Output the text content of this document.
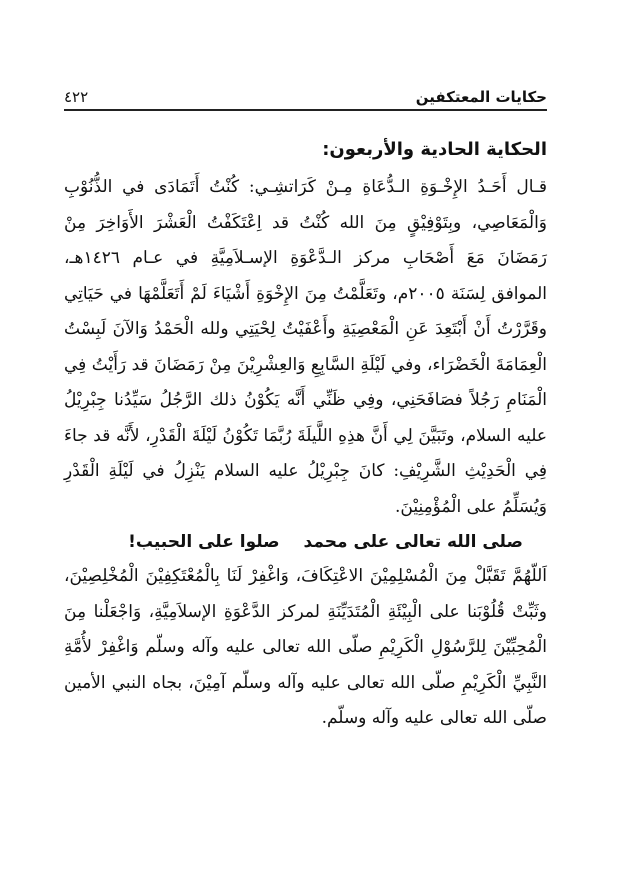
حكايات المعتكفين
٤٢٢

الحكاية الحادية والأربعون:

قـال أَحَـدُ الإِخْـوَةِ الـدُّعَاةِ مِـنْ كَرَاتشِـي: كُنْتُ أَتَمَادَى في الذُّنُوْبِ وَالْمَعَاصِي، وبِتَوْفِيْقٍ مِنَ الله كُنْتُ قد اِعْتَكَفْتُ الْعَشْرَ الأَوَاخِرَ مِنْ رَمَضَانَ مَعَ أَصْحَابِ مركز الـدَّعْوَةِ الإسـلاَمِيَّةِ في عـام ١٤٢٦هـ، الموافق لِسَنَة ٢٠٠٥م، وتَعَلَّمْتُ مِنَ الإِخْوَةِ أَشْيَاءَ لَمْ أَتَعَلَّمْهَا في حَيَاتِي وقَرَّرْتُ أَنْ أَبْتَعِدَ عَنِ الْمَعْصِيَةِ وأَعْفَيْتُ لِحْيَتِي ولله الْحَمْدُ وَالآنَ لَبِسْتُ الْعِمَامَةَ الْخَضْرَاء، وفي لَيْلَةِ السَّابِعِ وَالعِشْرِيْنَ مِنْ رَمَضَانَ قد رَأَيْتُ فِي الْمَنَامِ رَجُلاً فصَافَحَنِي، وفِي ظَنِّي أَنَّه يَكُوْنُ ذلك الرَّجُلُ سَيِّدُنا جِبْرِيْلُ عليه السلام، وتَبَيَّنَ لِي أَنَّ هذِهِ اللَّيلَةَ رُبَّمَا تَكُوْنُ لَيْلَةَ الْقَدْرِ، لأَنَّه قد جاءَ فِي الْحَدِيْثِ الشَّرِيْفِ: كانَ جِبْرِيْلُ عليه السلام يَنْزِلُ في لَيْلَةِ الْقَدْرِ وَيُسَلِّمُ على الْمُؤْمِنِيْنَ.

صلى الله تعالى على محمد صلوا على الحبيب!

اَللّهُمَّ تَقَبَّلْ مِنَ الْمُسْلِمِيْنَ الاعْتِكَافَ، وَاغْفِرْ لَنَا بِالْمُعْتَكِفِيْنَ الْمُخْلِصِيْنَ، وثَبِّتْ قُلُوْبَنا على الْبِيْئَةِ الْمُتَدَيِّنَةِ لمركز الدَّعْوَةِ الإسلاَمِيَّةِ، وَاجْعَلْنا مِنَ الْمُحِبِّيْنَ لِلرَّسُوْلِ الْكَرِيْمِ صلّى الله تعالى عليه وآله وسلّم وَاغْفِرْ لأُمَّةِ النَّبِيِّ الْكَرِيْمِ صلّى الله تعالى عليه وآله وسلّم آمِيْنَ، بجاه النبي الأمين صلّى الله تعالى عليه وآله وسلّم.
